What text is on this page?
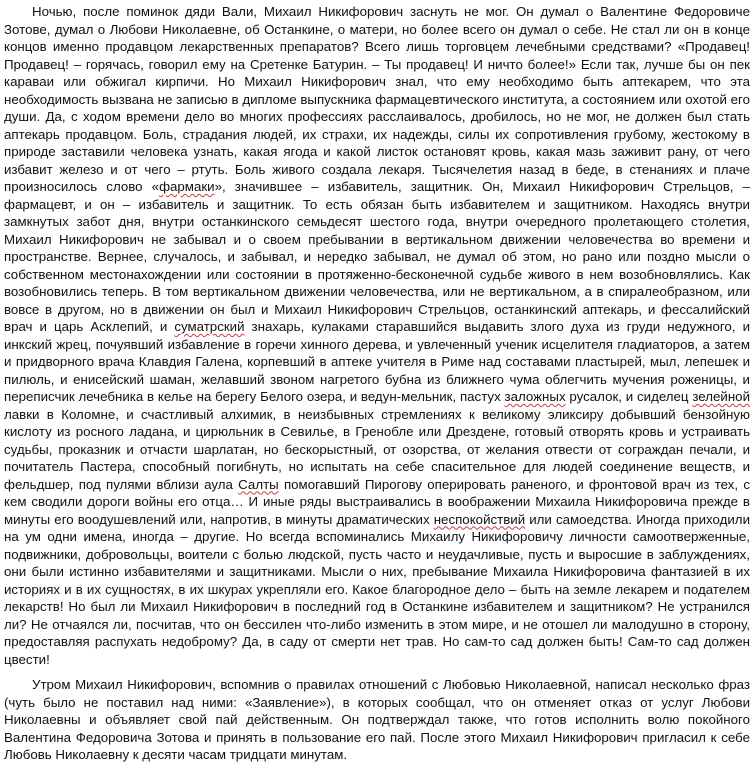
Ночью, после поминок дяди Вали, Михаил Никифорович заснуть не мог. Он думал о Валентине Федоровиче Зотове, думал о Любови Николаевне, об Останкине, о матери, но более всего он думал о себе. Не стал ли он в конце концов именно продавцом лекарственных препаратов? Всего лишь торговцем лечебными средствами? «Продавец! Продавец! – горячась, говорил ему на Сретенке Батурин. – Ты продавец! И ничто более!» Если так, лучше бы он пек караваи или обжигал кирпичи. Но Михаил Никифорович знал, что ему необходимо быть аптекарем, что эта необходимость вызвана не записью в дипломе выпускника фармацевтического института, а состоянием или охотой его души. Да, с ходом времени дело во многих профессиях расслаивалось, дробилось, но не мог, не должен был стать аптекарь продавцом. Боль, страдания людей, их страхи, их надежды, силы их сопротивления грубому, жестокому в природе заставили человека узнать, какая ягода и какой листок остановят кровь, какая мазь заживит рану, от чего избавит железо и от чего – ртуть. Боль живого создала лекаря. Тысячелетия назад в беде, в стенаниях и плаче произносилось слово «фармаки», значившее – избавитель, защитник. Он, Михаил Никифорович Стрельцов, – фармацевт, и он – избавитель и защитник. То есть обязан быть избавителем и защитником. Находясь внутри замкнутых забот дня, внутри останкинского семьдесят шестого года, внутри очередного пролетающего столетия, Михаил Никифорович не забывал и о своем пребывании в вертикальном движении человечества во времени и пространстве. Вернее, случалось, и забывал, и нередко забывал, не думал об этом, но рано или поздно мысли о собственном местонахождении или состоянии в протяженно-бесконечной судьбе живого в нем возобновлялись. Как возобновились теперь. В том вертикальном движении человечества, или не вертикальном, а в спиралеобразном, или вовсе в другом, но в движении он был и Михаил Никифорович Стрельцов, останкинский аптекарь, и фессалийский врач и царь Асклепий, и суматрский знахарь, кулаками старавшийся выдавить злого духа из груди недужного, и инкский жрец, почуявший избавление в горечи хинного дерева, и увлеченный ученик исцелителя гладиаторов, а затем и придворного врача Клавдия Галена, корпевший в аптеке учителя в Риме над составами пластырей, мыл, лепешек и пилюль, и енисейский шаман, желавший звоном нагретого бубна из ближнего чума облегчить мучения роженицы, и переписчик лечебника в келье на берегу Белого озера, и ведун-мельник, пастух заложных русалок, и сиделец зелейной лавки в Коломне, и счастливый алхимик, в неизбывных стремлениях к великому эликсиру добывший бензойную кислоту из росного ладана, и цирюльник в Севилье, в Гренобле или Дрездене, готовый отворять кровь и устраивать судьбы, проказник и отчасти шарлатан, но бескорыстный, от озорства, от желания отвести от сограждан печали, и почитатель Пастера, способный погибнуть, но испытать на себе спасительное для людей соединение веществ, и фельдшер, под пулями вблизи аула Салты помогавший Пирогову оперировать раненого, и фронтовой врач из тех, с кем сводили дороги войны его отца… И иные ряды выстраивались в воображении Михаила Никифоровича прежде в минуты его воодушевлений или, напротив, в минуты драматических неспокойствий или самоедства. Иногда приходили на ум одни имена, иногда – другие. Но всегда вспоминались Михаилу Никифоровичу личности самоотверженные, подвижники, добровольцы, воители с болью людской, пусть часто и неудачливые, пусть и выросшие в заблуждениях, они были истинно избавителями и защитниками. Мысли о них, пребывание Михаила Никифоровича фантазией в их историях и в их сущностях, в их шкурах укрепляли его. Какое благородное дело – быть на земле лекарем и подателем лекарств! Но был ли Михаил Никифорович в последний год в Останкине избавителем и защитником? Не устранился ли? Не отчаялся ли, посчитав, что он бессилен что-либо изменить в этом мире, и не отошел ли малодушно в сторону, предоставляя распухать недоброму? Да, в саду от смерти нет трав. Но сам-то сад должен быть! Сам-то сад должен цвести!

Утром Михаил Никифорович, вспомнив о правилах отношений с Любовью Николаевной, написал несколько фраз (чуть было не поставил над ними: «Заявление»), в которых сообщал, что он отменяет отказ от услуг Любови Николаевны и объявляет свой пай действенным. Он подтверждал также, что готов исполнить волю покойного Валентина Федоровича Зотова и принять в пользование его пай. После этого Михаил Никифорович пригласил к себе Любовь Николаевну к десяти часам тридцати минутам.
